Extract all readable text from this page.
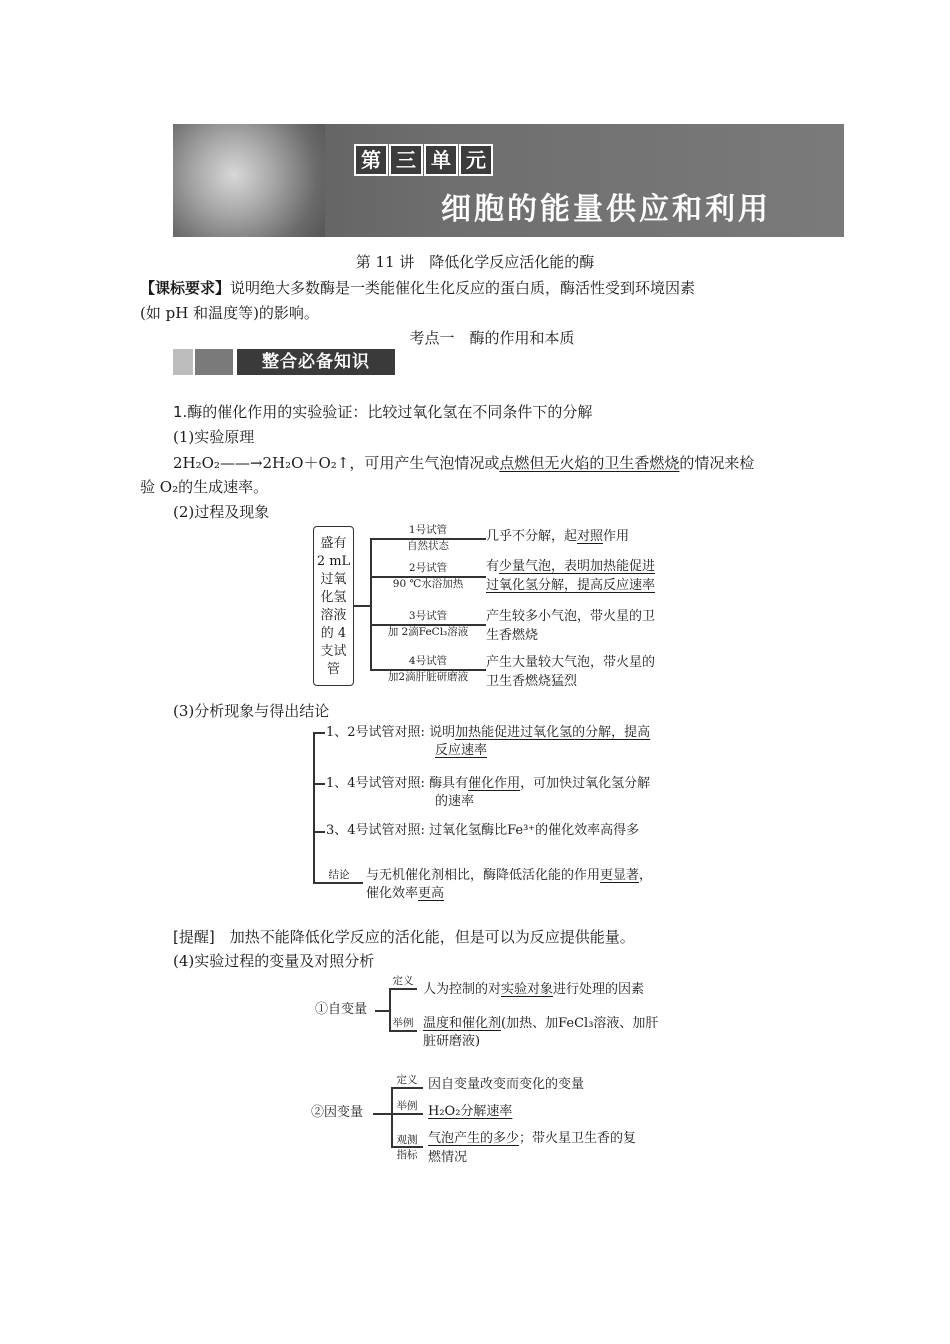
第 三 单 元
细胞的能量供应和利用
第 11 讲　降低化学反应活化能的酶
【课标要求】说明绝大多数酶是一类能催化生化反应的蛋白质，酶活性受到环境因素
(如 pH 和温度等)的影响。
考点一　酶的作用和本质
整合必备知识
1.酶的催化作用的实验验证：比较过氧化氢在不同条件下的分解
(1)实验原理
2H₂O₂——→2H₂O＋O₂↑，可用产生气泡情况或点燃但无火焰的卫生香燃烧的情况来检
验 O₂的生成速率。
(2)过程及现象
盛有
2 mL
过氧
化氢
溶液
的 4
支试
管
1号试管
自然状态
几乎不分解，起对照作用
2号试管
90 ℃水浴加热
有少量气泡，表明加热能促进
过氧化氢分解，提高反应速率
3号试管
加 2滴FeCl₃溶液
产生较多小气泡，带火星的卫
生香燃烧
4号试管
加2滴肝脏研磨液
产生大量较大气泡，带火星的
卫生香燃烧猛烈
(3)分析现象与得出结论
1、2号试管对照: 说明加热能促进过氧化氢的分解，提高
反应速率
1、4号试管对照: 酶具有催化作用，可加快过氧化氢分解
的速率
3、4号试管对照: 过氧化氢酶比Fe³⁺的催化效率高得多
结论	与无机催化剂相比，酶降低活化能的作用更显著，
催化效率更高
[提醒]　 加热不能降低化学反应的活化能，但是可以为反应提供能量。
(4)实验过程的变量及对照分析
①自变量
定义
举例
人为控制的对实验对象进行处理的因素
温度和催化剂(加热、加FeCl₃溶液、加肝
脏研磨液)
②因变量
定义
举例
观测
指标
因自变量改变而变化的变量
H₂O₂分解速率
气泡产生的多少；带火星卫生香的复
燃情况
